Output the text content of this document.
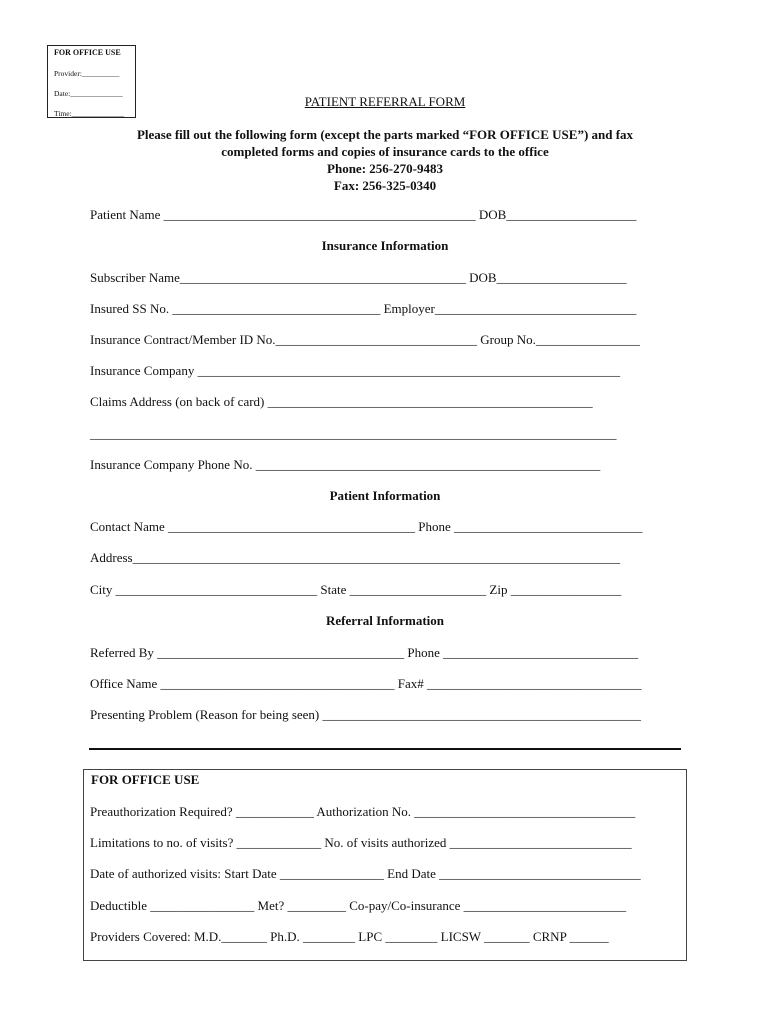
FOR OFFICE USE
Provider:__________
Date:______________
Time:______________
PATIENT REFERRAL FORM
Please fill out the following form (except the parts marked “FOR OFFICE USE”) and fax
completed forms and copies of insurance cards to the office
Phone: 256-270-9483
Fax: 256-325-0340
Patient Name ________________________________________________ DOB____________________
Insurance Information
Subscriber Name____________________________________________ DOB____________________
Insured SS No. ________________________________ Employer_______________________________
Insurance Contract/Member ID No._______________________________ Group No.________________
Insurance Company _________________________________________________________________
Claims Address (on back of card) __________________________________________________
_________________________________________________________________________________
Insurance Company Phone No. _____________________________________________________
Patient Information
Contact Name ______________________________________ Phone _____________________________
Address___________________________________________________________________________
City _______________________________ State _____________________ Zip _________________
Referral Information
Referred By ______________________________________ Phone ______________________________
Office Name ____________________________________ Fax# _________________________________
Presenting Problem (Reason for being seen) _________________________________________________
FOR OFFICE USE
Preauthorization Required? ____________ Authorization No. __________________________________
Limitations to no. of visits? _____________ No. of visits authorized ____________________________
Date of authorized visits: Start Date ________________ End Date _______________________________
Deductible ________________ Met? _________ Co-pay/Co-insurance _________________________
Providers Covered: M.D._______ Ph.D. ________ LPC ________ LICSW _______ CRNP ______
